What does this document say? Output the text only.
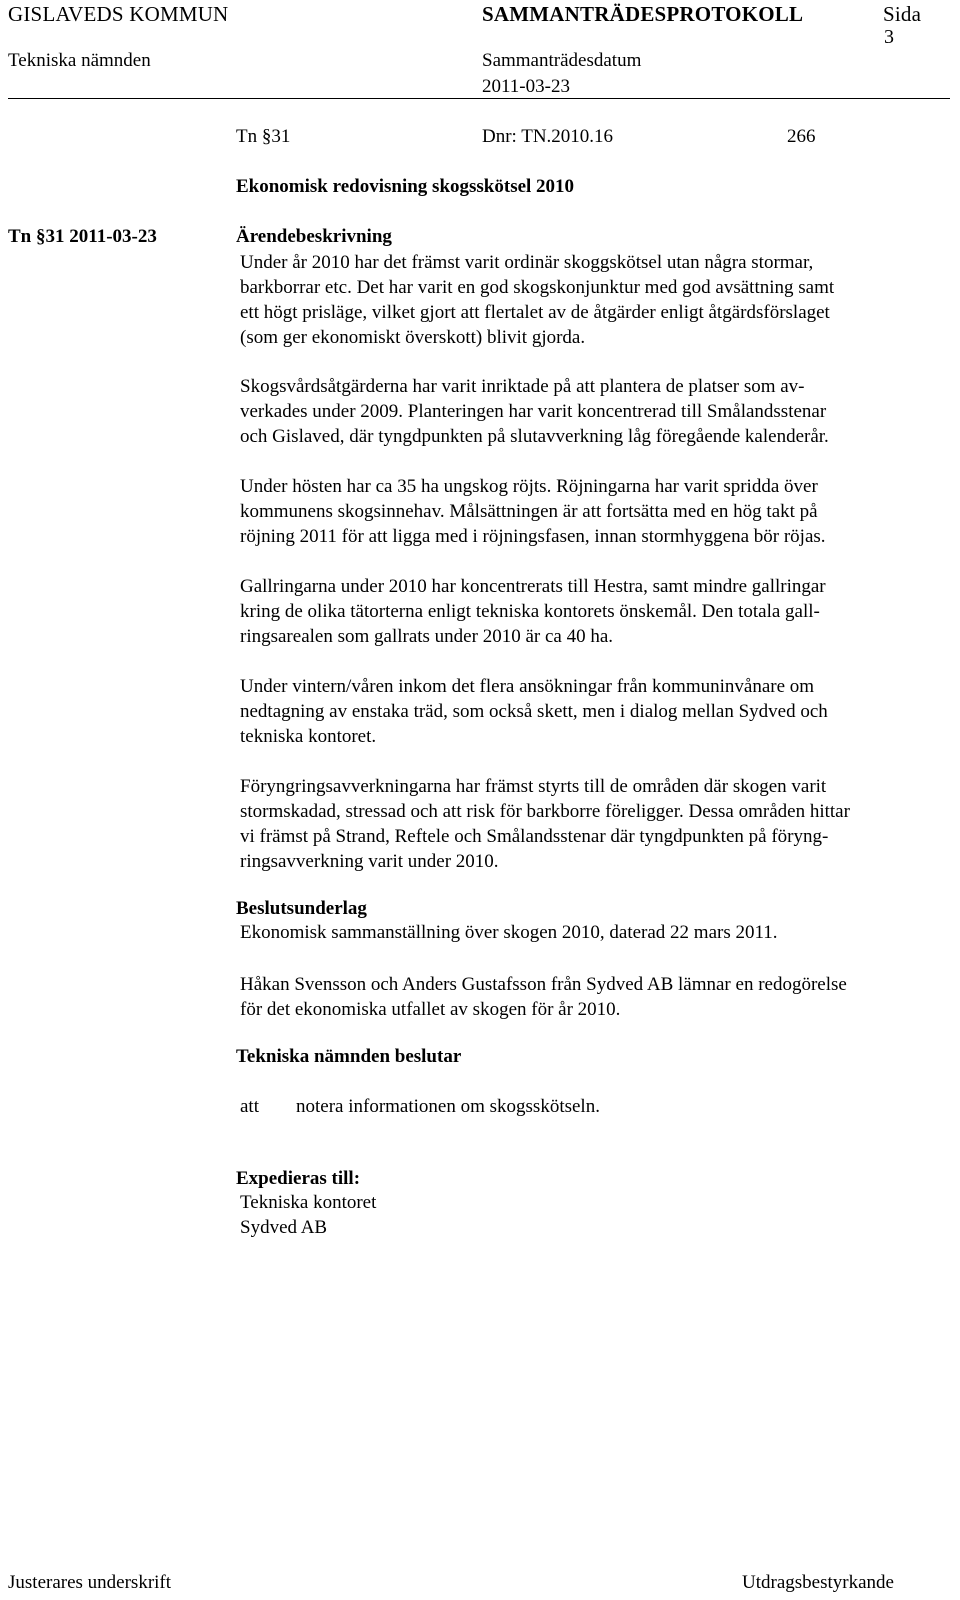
GISLAVEDS KOMMUN	SAMMANTRÄDESPROTOKOLL	Sida
3
Tekniska nämnden	Sammanträdesdatum
2011-03-23
Tn §31	Dnr: TN.2010.16	266
Ekonomisk redovisning skogsskötsel 2010
Tn §31 2011-03-23	Ärendebeskrivning
Under år 2010 har det främst varit ordinär skoggskötsel utan några stormar,
barkborrar etc. Det har varit en god skogskonjunktur med god avsättning samt
ett högt prisläge, vilket gjort att flertalet av de åtgärder enligt åtgärdsförslaget
(som ger ekonomiskt överskott) blivit gjorda.
Skogsvårdsåtgärderna har varit inriktade på att plantera de platser som av-
verkades under 2009. Planteringen har varit koncentrerad till Smålandsstenar
och Gislaved, där tyngdpunkten på slutavverkning låg föregående kalenderår.
Under hösten har ca 35 ha ungskog röjts. Röjningarna har varit spridda över
kommunens skogsinnehav. Målsättningen är att fortsätta med en hög takt på
röjning 2011 för att ligga med i röjningsfasen, innan stormhyggena bör röjas.
Gallringarna under 2010 har koncentrerats till Hestra, samt mindre gallringar
kring de olika tätorterna enligt tekniska kontorets önskemål. Den totala gall-
ringsarealen som gallrats under 2010 är ca 40 ha.
Under vintern/våren inkom det flera ansökningar från kommuninvånare om
nedtagning av enstaka träd, som också skett, men i dialog mellan Sydved och
tekniska kontoret.
Föryngringsavverkningarna har främst styrts till de områden där skogen varit
stormskadad, stressad och att risk för barkborre föreligger. Dessa områden hittar
vi främst på Strand, Reftele och Smålandsstenar där tyngdpunkten på föryng-
ringsavverkning varit under 2010.
Beslutsunderlag
Ekonomisk sammanställning över skogen 2010, daterad 22 mars 2011.
Håkan Svensson och Anders Gustafsson från Sydved AB lämnar en redogörelse
för det ekonomiska utfallet av skogen för år 2010.
Tekniska nämnden beslutar
att notera informationen om skogsskötseln.
Expedieras till:
Tekniska kontoret
Sydved AB
Justerares underskrift	Utdragsbestyrkande
